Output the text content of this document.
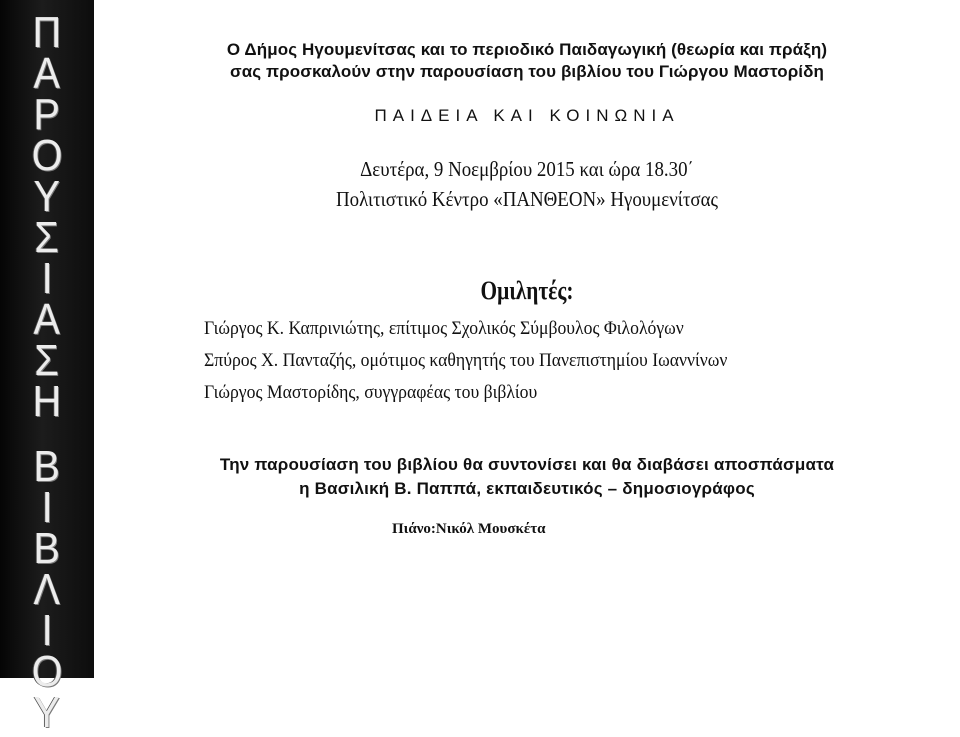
Π
Α
Ρ
Ο
Υ
Σ
Ι
Α
Σ
Η
Β
Ι
Β
Λ
Ι
Ο
Υ
Ο Δήμος Ηγουμενίτσας και το περιοδικό Παιδαγωγική (θεωρία και πράξη)
σας προσκαλούν στην παρουσίαση του βιβλίου του Γιώργου Μαστορίδη
ΠΑΙΔΕΙΑ ΚΑΙ ΚΟΙΝΩΝΙΑ
Δευτέρα, 9 Νοεμβρίου 2015 και ώρα 18.30΄
Πολιτιστικό Κέντρο «ΠΑΝΘΕΟΝ» Ηγουμενίτσας
Ομιλητές:
Γιώργος Κ. Καπρινιώτης, επίτιμος Σχολικός Σύμβουλος Φιλολόγων
Σπύρος Χ. Πανταζής, ομότιμος καθηγητής του Πανεπιστημίου Ιωαννίνων
Γιώργος Μαστορίδης, συγγραφέας του βιβλίου
Την παρουσίαση του βιβλίου θα συντονίσει και θα διαβάσει αποσπάσματα
η Βασιλική Β. Παππά, εκπαιδευτικός – δημοσιογράφος
Πιάνο:Νικόλ Μουσκέτα
